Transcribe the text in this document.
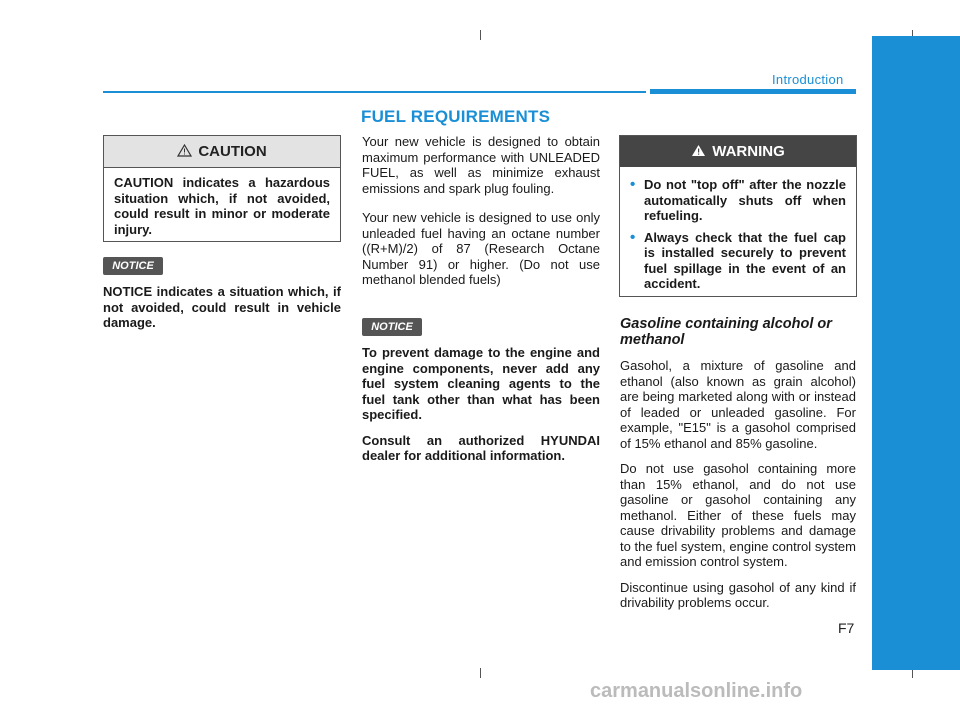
Introduction
FUEL REQUIREMENTS
CAUTION
CAUTION indicates a hazardous situation which, if not avoided, could result in minor or moderate injury.
NOTICE

NOTICE indicates a situation which, if not avoided, could result in vehicle damage.

Your new vehicle is designed to obtain maximum performance with UNLEADED FUEL, as well as minimize exhaust emissions and spark plug fouling.

Your new vehicle is designed to use only unleaded fuel having an octane number ((R+M)/2) of 87 (Research Octane Number 91) or higher. (Do not use methanol blended fuels)

NOTICE

To prevent damage to the engine and engine components, never add any fuel system cleaning agents to the fuel tank other than what has been specified.

Consult an authorized HYUNDAI dealer for additional information.

WARNING
• Do not "top off" after the nozzle automatically shuts off when refueling.
• Always check that the fuel cap is installed securely to prevent fuel spillage in the event of an accident.

Gasoline containing alcohol or methanol

Gasohol, a mixture of gasoline and ethanol (also known as grain alcohol) are being marketed along with or instead of leaded or unleaded gasoline. For example, "E15" is a gasohol comprised of 15% ethanol and 85% gasoline.

Do not use gasohol containing more than 15% ethanol, and do not use gasoline or gasohol containing any methanol. Either of these fuels may cause drivability problems and damage to the fuel system, engine control system and emission control system.

Discontinue using gasohol of any kind if drivability problems occur.

F7
carmanualsonline.info
